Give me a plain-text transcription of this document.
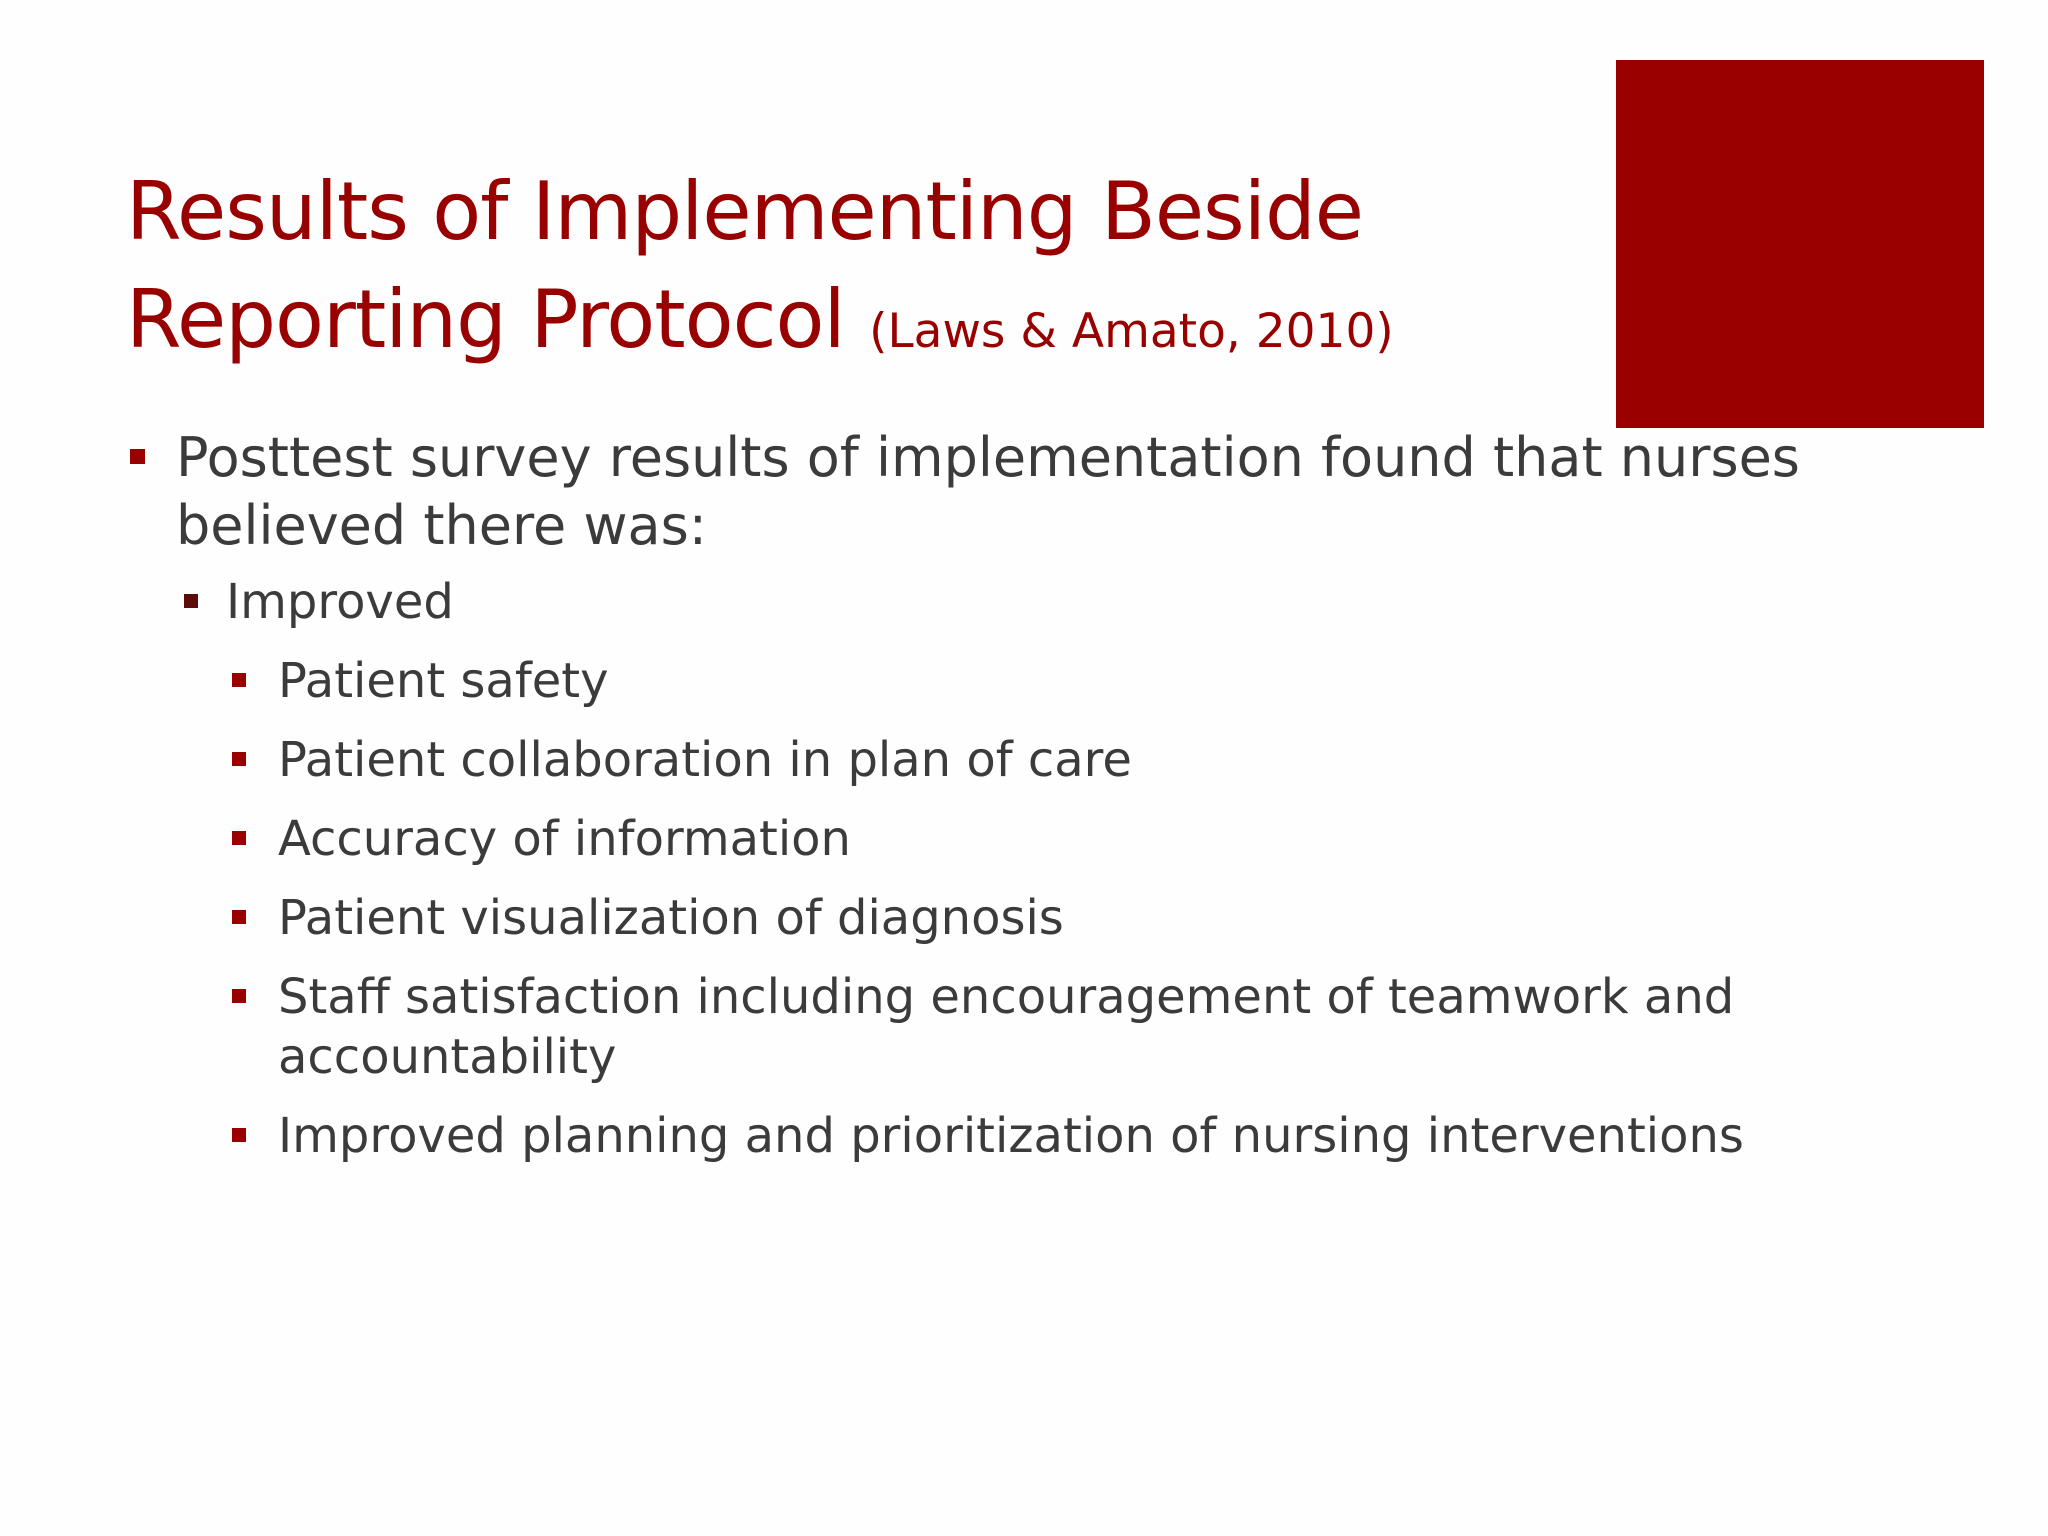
Results of Implementing Beside Reporting Protocol (Laws & Amato, 2010)
Posttest survey results of implementation found that nurses believed there was:
Improved
Patient safety
Patient collaboration in plan of care
Accuracy of information
Patient visualization of diagnosis
Staff satisfaction including encouragement of teamwork and accountability
Improved planning and prioritization of nursing interventions
